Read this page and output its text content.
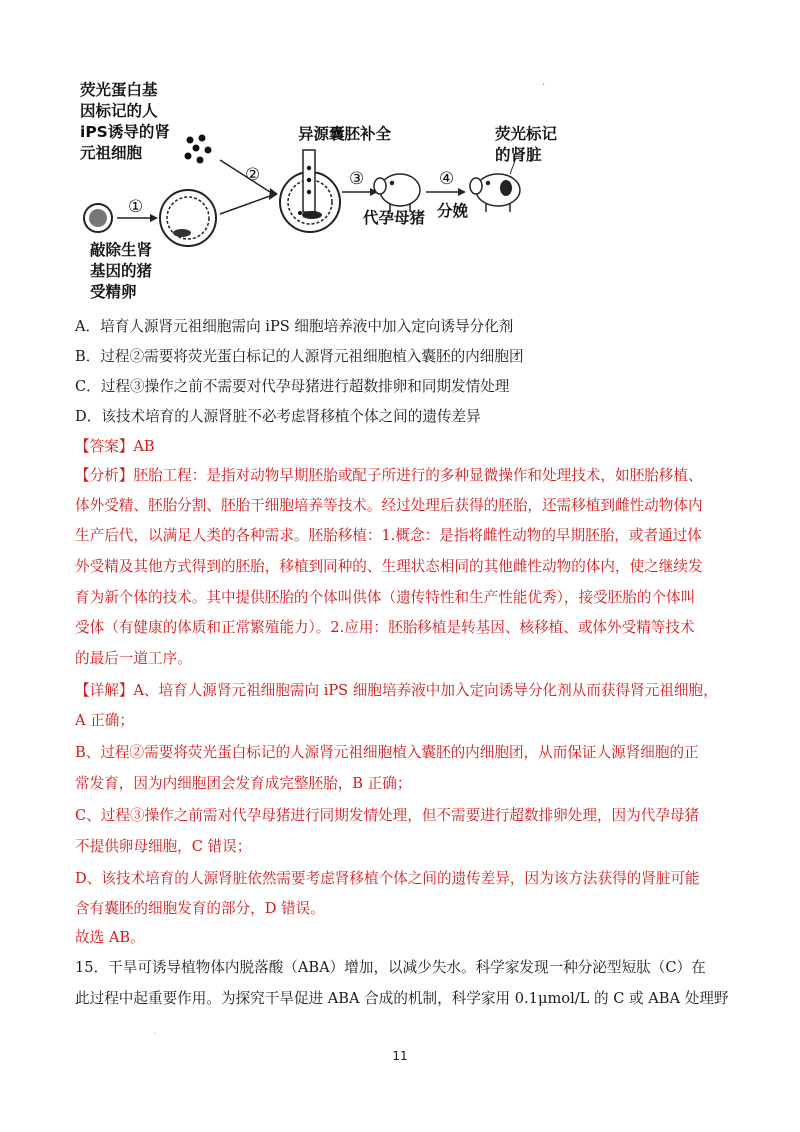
·
荧光蛋白基
因标记的人
iPS诱导的肾
元祖细胞
敲除生肾
基因的猪
受精卵
异源囊胚补全
代孕母猪 分娩
荧光标记
的肾脏
①
②	③	④
A．培育人源肾元祖细胞需向 iPS 细胞培养液中加入定向诱导分化剂
B．过程②需要将荧光蛋白标记的人源肾元祖细胞植入囊胚的内细胞团
C．过程③操作之前不需要对代孕母猪进行超数排卵和同期发情处理
D．该技术培育的人源肾脏不必考虑肾移植个体之间的遗传差异
【答案】AB
【分析】胚胎工程：是指对动物早期胚胎或配子所进行的多种显微操作和处理技术，如胚胎移植、
体外受精、胚胎分割、胚胎干细胞培养等技术。经过处理后获得的胚胎，还需移植到雌性动物体内
生产后代，以满足人类的各种需求。胚胎移植：1.概念：是指将雌性动物的早期胚胎，或者通过体
外受精及其他方式得到的胚胎，移植到同种的、生理状态相同的其他雌性动物的体内，使之继续发
育为新个体的技术。其中提供胚胎的个体叫供体（遗传特性和生产性能优秀），接受胚胎的个体叫
受体（有健康的体质和正常繁殖能力）。2.应用：胚胎移植是转基因、核移植、或体外受精等技术
的最后一道工序。
【详解】A、培育人源肾元祖细胞需向 iPS 细胞培养液中加入定向诱导分化剂从而获得肾元祖细胞，
A 正确；
B、过程②需要将荧光蛋白标记的人源肾元祖细胞植入囊胚的内细胞团，从而保证人源肾细胞的正
常发育，因为内细胞团会发育成完整胚胎，B 正确；
C、过程③操作之前需对代孕母猪进行同期发情处理，但不需要进行超数排卵处理，因为代孕母猪
不提供卵母细胞，C 错误；
D、该技术培育的人源肾脏依然需要考虑肾移植个体之间的遗传差异，因为该方法获得的肾脏可能
含有囊胚的细胞发育的部分，D 错误。
故选 AB。
15．干旱可诱导植物体内脱落酸（ABA）增加，以减少失水。科学家发现一种分泌型短肽（C）在
此过程中起重要作用。为探究干旱促进 ABA 合成的机制，科学家用 0.1μmol/L 的 C 或 ABA 处理野
·
11
